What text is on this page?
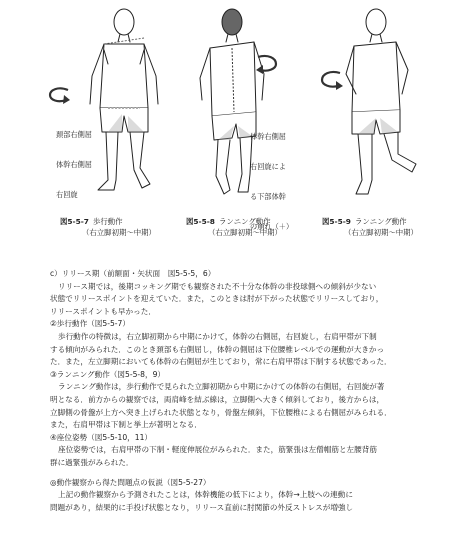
頚部右側屈

体幹右側屈

右回旋

体幹右側屈

右回旋によ

る下部体幹

の崩れ（＋）

図5-5-7 歩行動作
（右立脚初期〜中期）
図5-5-8 ランニング動作
（右立脚初期〜中期）
図5-5-9 ランニング動作
（右立脚初期〜中期）

c）リリース期（前額面・矢状面　図5-5-5，6）

リリース期では，後期コッキング期でも観察された不十分な体幹の非投球側への傾斜が少ない

状態でリリースポイントを迎えていた．また，このときは肘が下がった状態でリリースしており，

リリースポイントも早かった．

②歩行動作（図5-5-7）

歩行動作の特徴は，右立脚初期から中期にかけて，体幹の右側屈，右回旋し，右肩甲帯が下制

する傾向がみられた．このとき頚部も右側屈し，体幹の側屈は下位腰椎レベルでの運動が大きかっ

た．また，左立脚期においても体幹の右側屈が生じており，常に右肩甲帯は下制する状態であった．

③ランニング動作（図5-5-8，9）

ランニング動作は，歩行動作で見られた立脚初期から中期にかけての体幹の右側屈，右回旋が著

明となる．前方からの観察では，両肩峰を結ぶ線は，立脚側へ大きく傾斜しており，後方からは，

立脚側の骨盤が上方へ突き上げられた状態となり，骨盤左傾斜，下位腰椎による右側屈がみられる．

また，右肩甲帯は下制と挙上が著明となる．

④座位姿勢（図5-5-10，11）

座位姿勢では，右肩甲帯の下制・軽度伸展位がみられた．また，筋緊張は左僧帽筋と左腰背筋

群に過緊張がみられた．

◎動作観察から得た問題点の仮説（図5-5-27）

上記の動作観察から予測されたことは，体幹機能の低下により，体幹→上肢への連動に

問題があり，結果的に手投げ状態となり，リリース直前に肘関節の外反ストレスが増強し
